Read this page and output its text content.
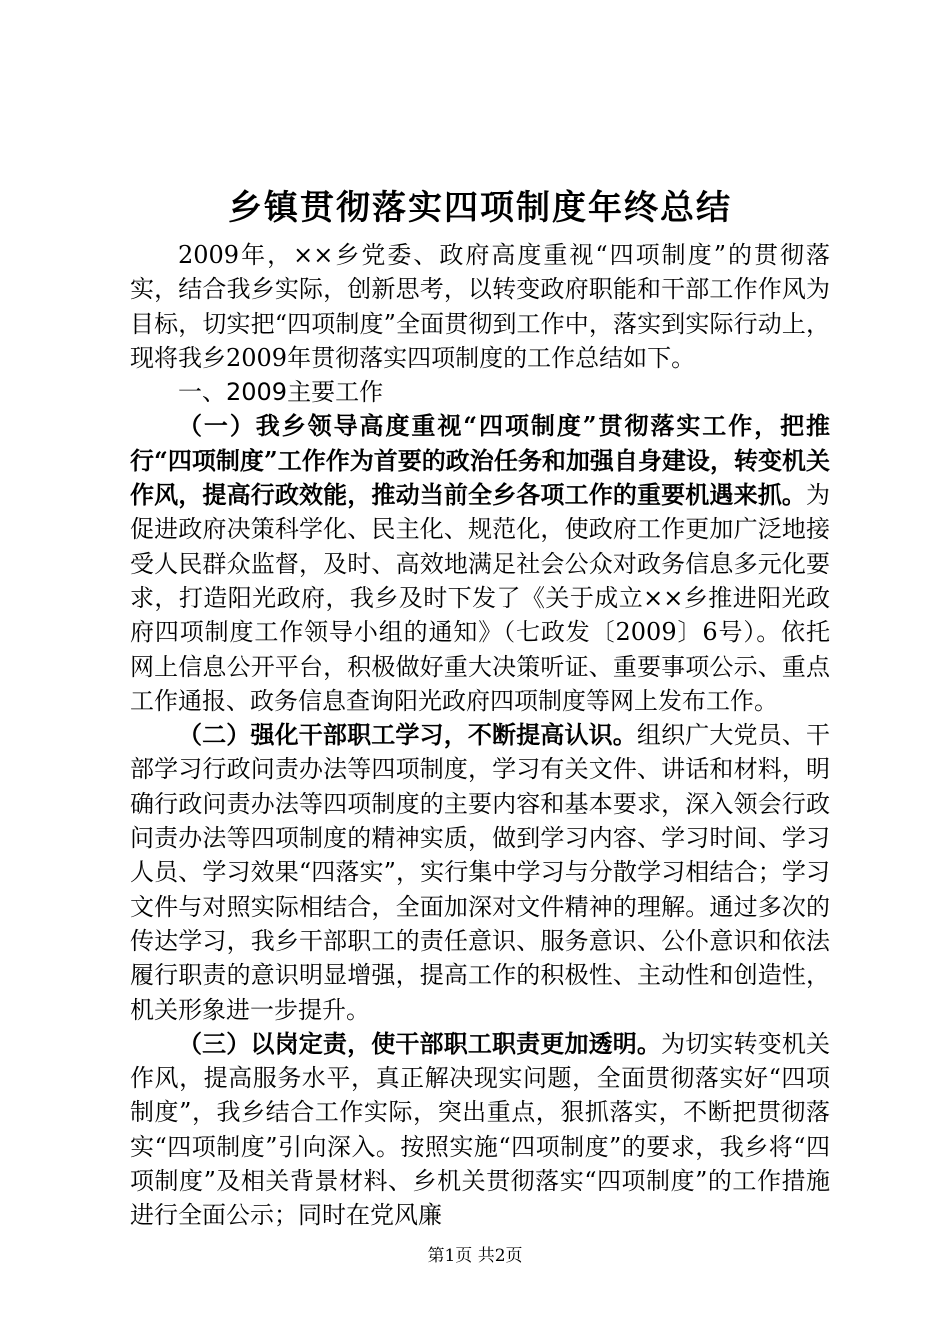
乡镇贯彻落实四项制度年终总结

2009年，××乡党委、政府高度重视“四项制度”的贯彻落实，结合我乡实际，创新思考，以转变政府职能和干部工作作风为目标，切实把“四项制度”全面贯彻到工作中，落实到实际行动上，现将我乡2009年贯彻落实四项制度的工作总结如下。

一、2009主要工作

（一）我乡领导高度重视“四项制度”贯彻落实工作，把推行“四项制度”工作作为首要的政治任务和加强自身建设，转变机关作风，提高行政效能，推动当前全乡各项工作的重要机遇来抓。为促进政府决策科学化、民主化、规范化，使政府工作更加广泛地接受人民群众监督，及时、高效地满足社会公众对政务信息多元化要求，打造阳光政府，我乡及时下发了《关于成立××乡推进阳光政府四项制度工作领导小组的通知》（七政发〔2009〕6号）。依托网上信息公开平台，积极做好重大决策听证、重要事项公示、重点工作通报、政务信息查询阳光政府四项制度等网上发布工作。

（二）强化干部职工学习，不断提高认识。组织广大党员、干部学习行政问责办法等四项制度，学习有关文件、讲话和材料，明确行政问责办法等四项制度的主要内容和基本要求，深入领会行政问责办法等四项制度的精神实质，做到学习内容、学习时间、学习人员、学习效果“四落实”，实行集中学习与分散学习相结合；学习文件与对照实际相结合，全面加深对文件精神的理解。通过多次的传达学习，我乡干部职工的责任意识、服务意识、公仆意识和依法履行职责的意识明显增强，提高工作的积极性、主动性和创造性，机关形象进一步提升。

（三）以岗定责，使干部职工职责更加透明。为切实转变机关作风，提高服务水平，真正解决现实问题，全面贯彻落实好“四项制度”，我乡结合工作实际，突出重点，狠抓落实，不断把贯彻落实“四项制度”引向深入。按照实施“四项制度”的要求，我乡将“四项制度”及相关背景材料、乡机关贯彻落实“四项制度”的工作措施进行全面公示；同时在党风廉

第1页 共2页
